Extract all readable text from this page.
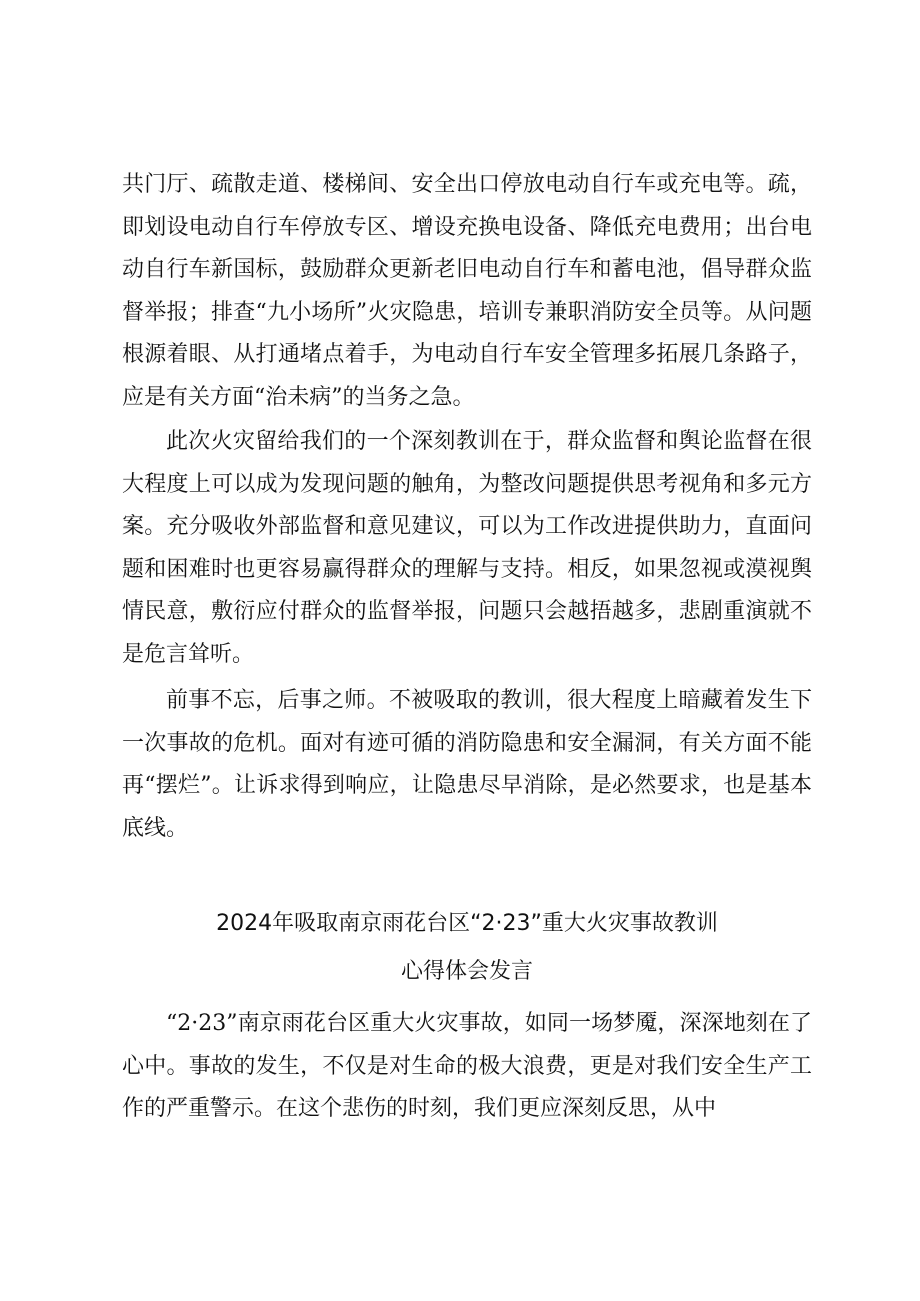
共门厅、疏散走道、楼梯间、安全出口停放电动自行车或充电等。疏，即划设电动自行车停放专区、增设充换电设备、降低充电费用；出台电动自行车新国标，鼓励群众更新老旧电动自行车和蓄电池，倡导群众监督举报；排查“九小场所”火灾隐患，培训专兼职消防安全员等。从问题根源着眼、从打通堵点着手，为电动自行车安全管理多拓展几条路子，应是有关方面“治未病”的当务之急。

此次火灾留给我们的一个深刻教训在于，群众监督和舆论监督在很大程度上可以成为发现问题的触角，为整改问题提供思考视角和多元方案。充分吸收外部监督和意见建议，可以为工作改进提供助力，直面问题和困难时也更容易赢得群众的理解与支持。相反，如果忽视或漠视舆情民意，敷衍应付群众的监督举报，问题只会越捂越多，悲剧重演就不是危言耸听。

前事不忘，后事之师。不被吸取的教训，很大程度上暗藏着发生下一次事故的危机。面对有迹可循的消防隐患和安全漏洞，有关方面不能再“摆烂”。让诉求得到响应，让隐患尽早消除，是必然要求，也是基本底线。

2024年吸取南京雨花台区“2·23”重大火灾事故教训
心得体会发言

“2·23”南京雨花台区重大火灾事故，如同一场梦魇，深深地刻在了心中。事故的发生，不仅是对生命的极大浪费，更是对我们安全生产工作的严重警示。在这个悲伤的时刻，我们更应深刻反思，从中
